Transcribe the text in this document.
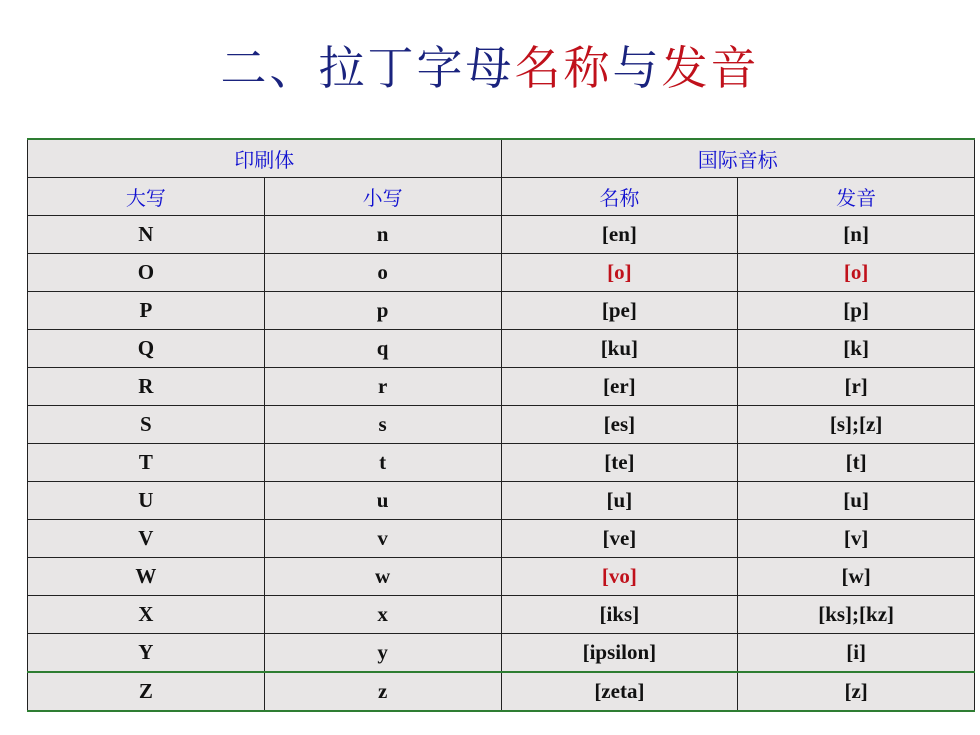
二、拉丁字母名称与发音
印刷体		国际音标	
大写	小写	名称	发音
N	n	[en]	[n]
O	o	[o]	[o]
P	p	[pe]	[p]
Q	q	[ku]	[k]
R	r	[er]	[r]
S	s	[es]	[s];[z]
T	t	[te]	[t]
U	u	[u]	[u]
V	v	[ve]	[v]
W	w	[vo]	[w]
X	x	[iks]	[ks];[kz]
Y	y	[ipsilon]	[i]
Z	z	[zeta]	[z]
